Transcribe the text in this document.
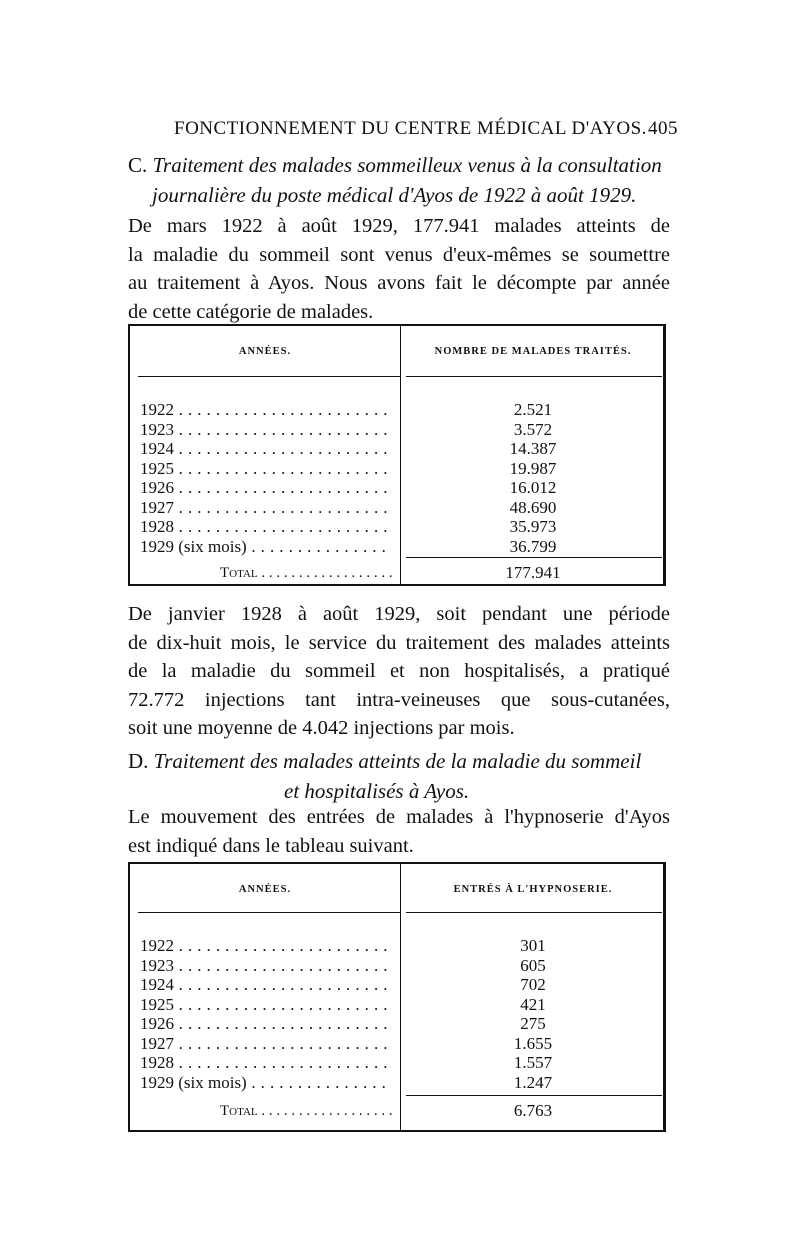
FONCTIONNEMENT DU CENTRE MÉDICAL D'AYOS. 405
C. Traitement des malades sommeilleux venus à la consultation
journalière du poste médical d'Ayos de 1922 à août 1929.
De mars 1922 à août 1929, 177.941 malades atteints de
la maladie du sommeil sont venus d'eux-mêmes se soumettre
au traitement à Ayos. Nous avons fait le décompte par année
de cette catégorie de malades.
ANNÉES.	NOMBRE DE MALADES TRAITÉS.
1922 . . .	2.521
1923 . . .	3.572
1924 . . .	14.387
1925 . . .	19.987
1926 . . .	16.012
1927 . . .	48.690
1928 . . .	35.973
1929 (six mois) . . .	36.799
Total . . .	177.941
De janvier 1928 à août 1929, soit pendant une période
de dix-huit mois, le service du traitement des malades atteints
de la maladie du sommeil et non hospitalisés, a pratiqué
72.772 injections tant intra-veineuses que sous-cutanées,
soit une moyenne de 4.042 injections par mois.
D. Traitement des malades atteints de la maladie du sommeil
et hospitalisés à Ayos.
Le mouvement des entrées de malades à l'hypnoserie d'Ayos
est indiqué dans le tableau suivant.
ANNÉES.	ENTRÉS À L'HYPNOSERIE.
1922 . . .	301
1923 . . .	605
1924 . . .	702
1925 . . .	421
1926 . . .	275
1927 . . .	1.655
1928 . . .	1.557
1929 (six mois) . . .	1.247
Total . . .	6.763
